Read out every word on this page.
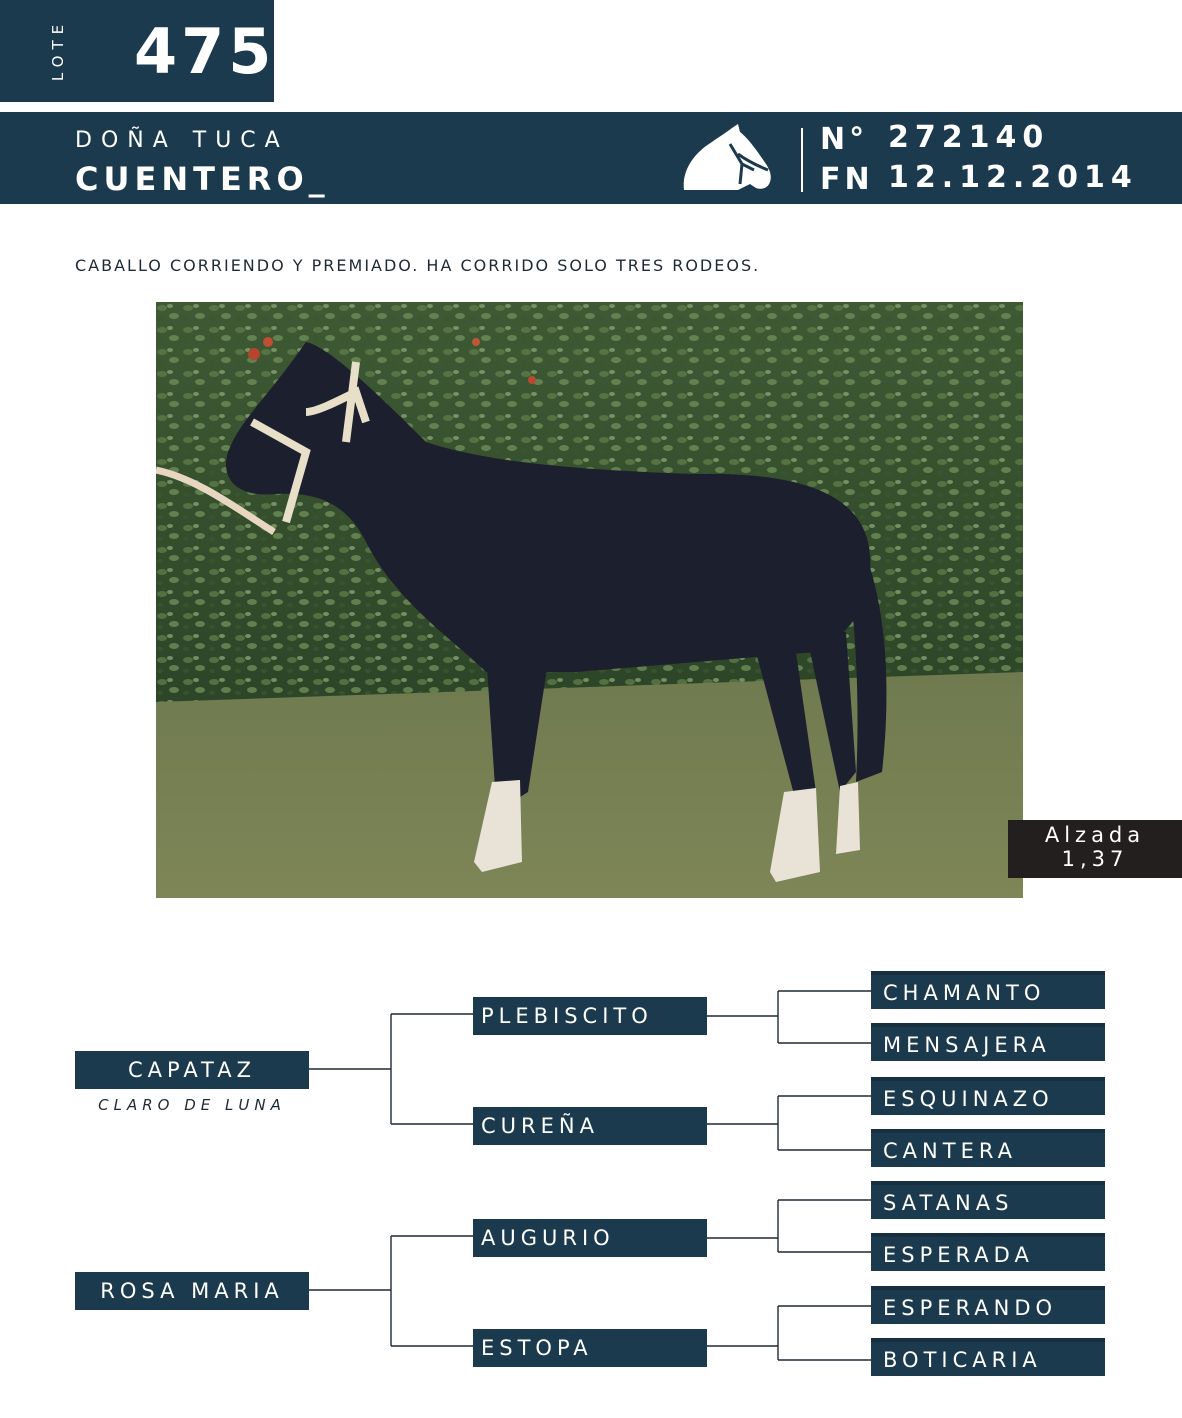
LOTE 475
DOÑA TUCA
CUENTERO_
N° 272140
FN 12.12.2014
CABALLO CORRIENDO Y PREMIADO. HA CORRIDO SOLO TRES RODEOS.
Alzada
1,37
CAPATAZ
CLARO DE LUNA
ROSA MARIA
PLEBISCITO
CUREÑA
AUGURIO
ESTOPA
CHAMANTO
MENSAJERA
ESQUINAZO
CANTERA
SATANAS
ESPERADA
ESPERANDO
BOTICARIA
